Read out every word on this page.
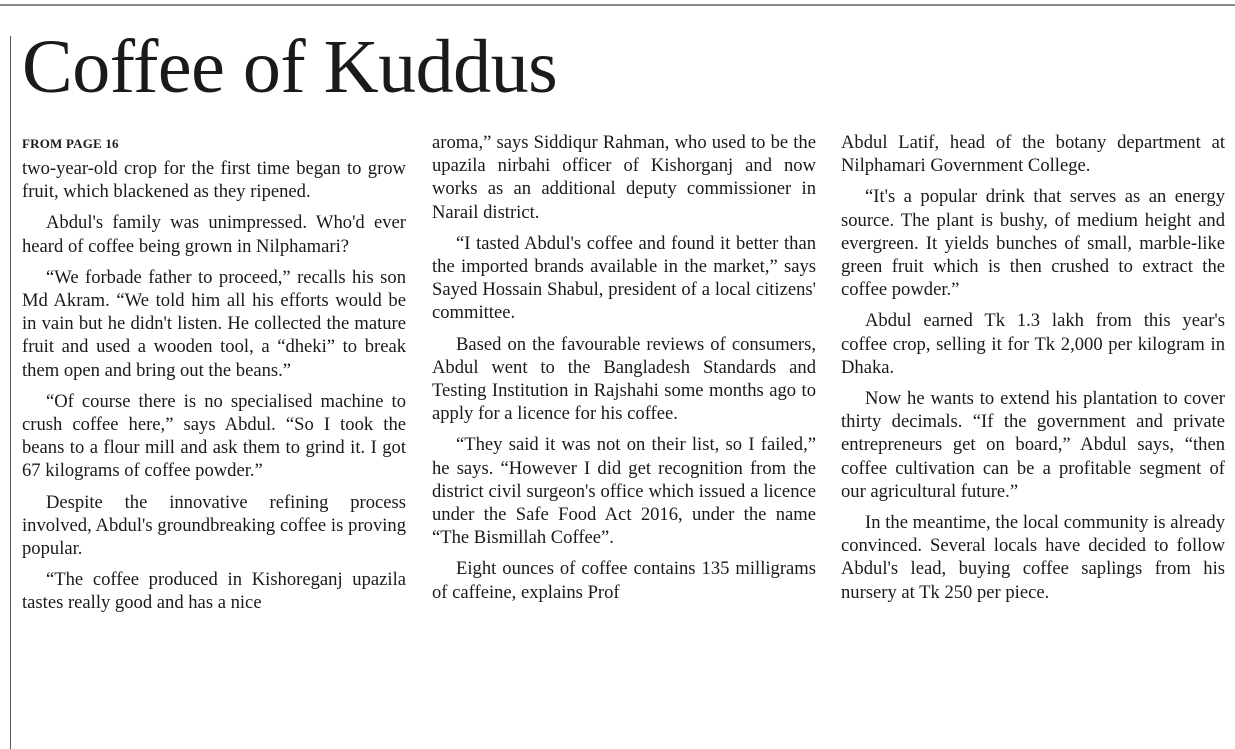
Coffee of Kuddus
FROM PAGE 16

two-year-old crop for the first time began to grow fruit, which blackened as they ripened.

Abdul's family was unimpressed. Who'd ever heard of coffee being grown in Nilphamari?

“We forbade father to proceed,” recalls his son Md Akram. “We told him all his efforts would be in vain but he didn't listen. He collected the mature fruit and used a wooden tool, a “dheki” to break them open and bring out the beans.”

“Of course there is no specialised machine to crush coffee here,” says Abdul. “So I took the beans to a flour mill and ask them to grind it. I got 67 kilograms of coffee powder.”

Despite the innovative refining process involved, Abdul's groundbreaking coffee is proving popular.

“The coffee produced in Kishoreganj upazila tastes really good and has a nice

aroma,” says Siddiqur Rahman, who used to be the upazila nirbahi officer of Kishorganj and now works as an additional deputy commissioner in Narail district.

“I tasted Abdul's coffee and found it better than the imported brands available in the market,” says Sayed Hossain Shabul, president of a local citizens' committee.

Based on the favourable reviews of consumers, Abdul went to the Bangladesh Standards and Testing Institution in Rajshahi some months ago to apply for a licence for his coffee.

“They said it was not on their list, so I failed,” he says. “However I did get recognition from the district civil surgeon's office which issued a licence under the Safe Food Act 2016, under the name “The Bismillah Coffee”.

Eight ounces of coffee contains 135 milligrams of caffeine, explains Prof

Abdul Latif, head of the botany department at Nilphamari Government College.

“It's a popular drink that serves as an energy source. The plant is bushy, of medium height and evergreen. It yields bunches of small, marble-like green fruit which is then crushed to extract the coffee powder.”

Abdul earned Tk 1.3 lakh from this year's coffee crop, selling it for Tk 2,000 per kilogram in Dhaka.

Now he wants to extend his plantation to cover thirty decimals. “If the government and private entrepreneurs get on board,” Abdul says, “then coffee cultivation can be a profitable segment of our agricultural future.”

In the meantime, the local community is already convinced. Several locals have decided to follow Abdul's lead, buying coffee saplings from his nursery at Tk 250 per piece.
